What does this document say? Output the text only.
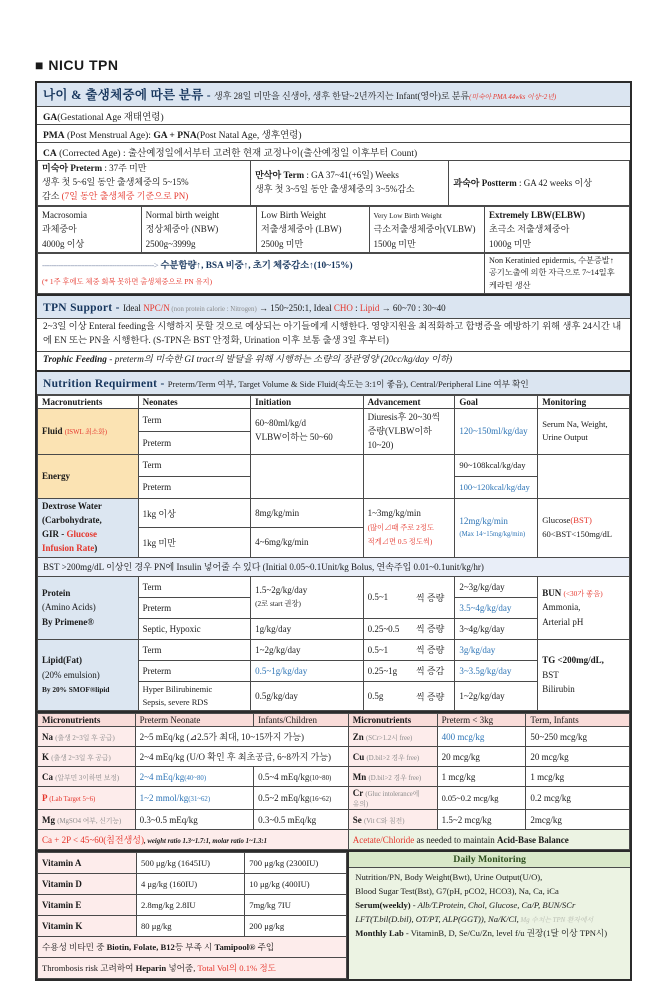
■ NICU TPN
나이 & 출생체중에 따른 분류 - 생후 28일 미만을 신생아, 생후 한달~2년까지는 Infant(영아)로 분류(미숙아 PMA 44wks 이상~2년)
GA(Gestational Age 재태연령)
PMA (Post Menstrual Age): GA + PNA(Post Natal Age, 생후연령)
CA (Corrected Age) : 출산예정일에서부터 고려한 현재 교정나이(출산예정일 이후부터 Count)
미숙아 Preterm : 37주 미만
생후 첫 5~6일 동안 출생체중의 5~15%
감소 (7일 동안 출생체중 기준으로 PN)	만삭아 Term : GA 37~41(+6일) Weeks
생후 첫 3~5일 동안 출생체중의 3~5%감소	과숙아 Postterm : GA 42 weeks 이상
Macrosomia
과체중아
4000g 이상	Normal birth weight
정상체중아 (NBW)
2500g~3999g	Low Birth Weight
저출생체중아 (LBW)
2500g 미만	Very Low Birth Weight
극소저출생체중아(VLBW)
1500g 미만	Extremely LBW(ELBW)
초극소 저출생체중아
1000g 미만
------------------------------------------------> 수분함량↑, BSA 비중↑, 초기 체중감소↑(10~15%)
(* 1주 후에도 체중 회복 못하면 출생체중으로 PN 유지)	Non Keratinied epidermis, 수분증발↑ 공기노출에 의한 자극으로 7~14일후 케라틴 생산
TPN Support - Ideal NPC/N (non protein calorie : Nitrogen) → 150~250:1, Ideal CHO : Lipid → 60~70 : 30~40
2~3일 이상 Enteral feeding을 시행하지 못할 것으로 예상되는 아기들에게 시행한다. 영양지원을 최적화하고 합병증을 예방하기 위해 생후 24시간 내에 EN 또는 PN을 시행한다. (S-TPN은 BST 안정화, Urination 이후 보통 출생 3일 후부터)
Trophic Feeding - preterm의 미숙한 GI tract의 발달을 위해 시행하는 소량의 장관영양 (20cc/kg/day 이하)
Nutrition Requirment - Preterm/Term 여부, Target Volume & Side Fluid(속도는 3:1이 좋음), Central/Peripheral Line 여부 확인
Macronutrients	Neonates	Initiation	Advancement	Goal	Monitoring
Fluid (ISWL 최소화)	Term	60~80ml/kg/d
VLBW이하는 50~60	Diuresis후 20~30씩
증량(VLBW이하 10~20)	120~150ml/kg/day	Serum Na, Weight,
Urine Output
	Preterm				
Energy	Term			90~108kcal/kg/day	
	Preterm			100~120kcal/kg/day	
Dextrose Water
(Carbohydrate,
GIR - Glucose
Infusion Rate)	1kg 이상	8mg/kg/min	1~3mg/kg/min
(많이⊿때 주로 2정도
적게⊿면 0.5 정도씩)	12mg/kg/min
(Max 14~15mg/kg/min)	Glucose(BST)
60<BST<150mg/dL
	1kg 미만	4~6mg/kg/min			
BST >200mg/dL 이상인 경우 PN에 Insulin 넣어줄 수 있다 (Initial 0.05~0.1Unit/kg Bolus, 연속주입 0.01~0.1unit/kg/hr)					
Protein
(Amino Acids)
By Primene®	Term	1.5~2g/kg/day
(2로 start 권장)	0.5~1 씩 증량	2~3g/kg/day	BUN (<30가 좋음)
Ammonia,
Arterial pH
	Preterm			3.5~4g/kg/day	
	Septic, Hypoxic	1g/kg/day	0.25~0.5 씩 증량	3~4g/kg/day	
Lipid(Fat)
(20% emulsion)
By 20% SMOF®lipid	Term	1~2g/kg/day	0.5~1 씩 증량	3g/kg/day	TG <200mg/dL,
BST
Bilirubin
	Preterm	0.5~1g/kg/day	0.25~1g 씩 증감	3~3.5g/kg/day	
	Hyper Bilirubinemic
Sepsis, severe RDS	0.5g/kg/day	0.5g 씩 증량	1~2g/kg/day	
Micronutrients	Preterm Neonate	Infants/Children	Micronutrients	Preterm < 3kg	Term, Infants
Na (출생 2~3일 후 공급)	2~5 mEq/kg (⊿2.5가 최대, 10~15까지 가능)		Zn (SCr>1.2시 free)	400 mcg/kg	50~250 mcg/kg
K (출생 2~3일 후 공급)	2~4 mEq/kg (U/O 확인 후 최초공급, 6~8까지 가능)		Cu (D.bil>2 경우 free)	20 mcg/kg	20 mcg/kg
Ca (알부민 3이하면 보정)	2~4 mEq/kg(40~80)	0.5~4 mEq/kg(10~80)	Mn (D.bil>2 경우 free)	1 mcg/kg	1 mcg/kg
P (Lab Target 5~6)	1~2 mmol/kg(31~62)	0.5~2 mEq/kg(16~62)	Cr (Gluc intolerance에 유의)	0.05~0.2 mcg/kg	0.2 mcg/kg
Mg (MgSO4 여부, 신기능)	0.3~0.5 mEq/kg	0.3~0.5 mEq/kg	Se (Vit C와 침전)	1.5~2 mcg/kg	2mcg/kg
Ca + 2P < 45~60(침전생성), weight ratio 1.3~1.7:1, molar ratio 1~1.3:1			Acetate/Chloride as needed to maintain Acid-Base Balance		
Vitamin A	500 μg/kg (1645IU)	700 μg/kg (2300IU)
Vitamin D	4 μg/kg (160IU)	10 μg/kg (400IU)
Vitamin E	2.8mg/kg 2.8IU	7mg/kg 7IU
Vitamin K	80 μg/kg	200 μg/kg
수용성 비타민 중 Biotin, Folate, B12등 부족 시 Tamipool® 주입		
Thrombosis risk 고려하여 Heparin 넣어줌, Total Vol의 0.1% 정도		
Daily Monitoring
Nutrition/PN, Body Weight(Bwt), Urine Output(U/O),
Blood Sugar Test(Bst), G7(pH, pCO2, HCO3), Na, Ca, iCa
Serum(weekly) - Alb/T.Protein, Chol, Glucose, Ca/P, BUN/SCr
LFT(T.bil(D.bil), OT/PT, ALP(GGT)), Na/K/Cl, Mg 수치는 TPN 환자에서
Monthly Lab - VitaminB, D, Se/Cu/Zn, level f/u 권장(1달 이상 TPN시)
